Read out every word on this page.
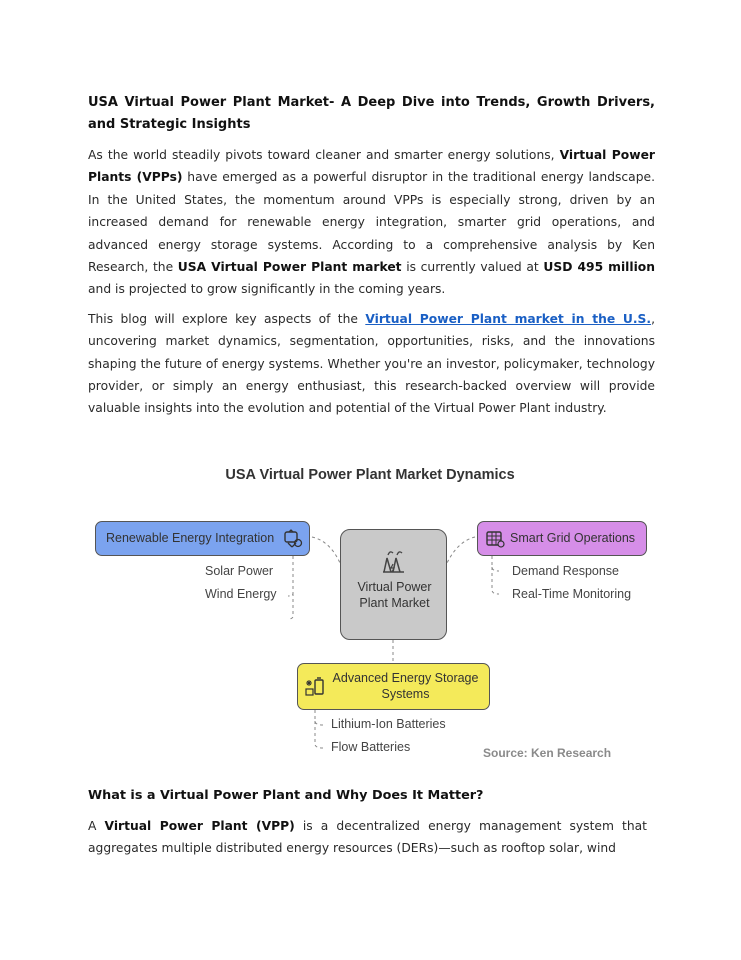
USA Virtual Power Plant Market- A Deep Dive into Trends, Growth Drivers, and Strategic Insights

As the world steadily pivots toward cleaner and smarter energy solutions, Virtual Power Plants (VPPs) have emerged as a powerful disruptor in the traditional energy landscape. In the United States, the momentum around VPPs is especially strong, driven by an increased demand for renewable energy integration, smarter grid operations, and advanced energy storage systems. According to a comprehensive analysis by Ken Research, the USA Virtual Power Plant market is currently valued at USD 495 million and is projected to grow significantly in the coming years.

This blog will explore key aspects of the Virtual Power Plant market in the U.S., uncovering market dynamics, segmentation, opportunities, risks, and the innovations shaping the future of energy systems. Whether you're an investor, policymaker, technology provider, or simply an energy enthusiast, this research-backed overview will provide valuable insights into the evolution and potential of the Virtual Power Plant industry.

USA Virtual Power Plant Market Dynamics
Renewable Energy Integration	Smart Grid Operations
Virtual Power Plant Market
Advanced Energy Storage Systems
Solar Power
Wind Energy
Demand Response
Real-Time Monitoring
Lithium-Ion Batteries
Flow Batteries	Source: Ken Research
What is a Virtual Power Plant and Why Does It Matter?

A Virtual Power Plant (VPP) is a decentralized energy management system that aggregates multiple distributed energy resources (DERs)—such as rooftop solar, wind
